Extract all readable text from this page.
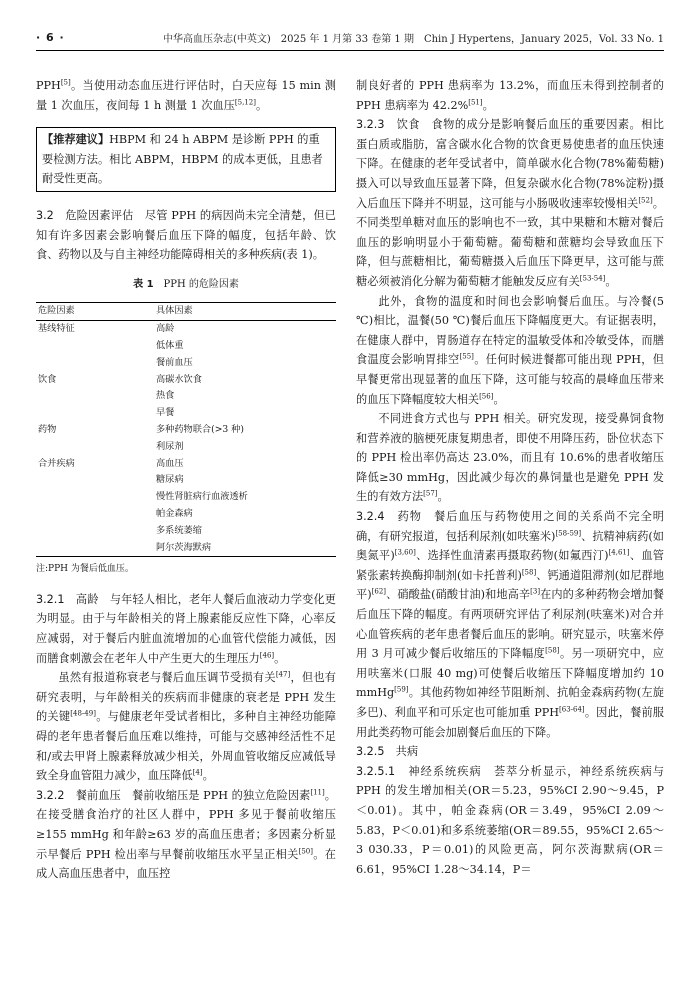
· 6 ·	中华高血压杂志(中英文)　2025 年 1 月第 33 卷第 1 期　Chin J Hypertens，January 2025，Vol. 33 No. 1

PPH[5]。当使用动态血压进行评估时，白天应每 15 min 测量 1 次血压，夜间每 1 h 测量 1 次血压[5,12]。

【推荐建议】HBPM 和 24 h ABPM 是诊断 PPH 的重要检测方法。相比 ABPM，HBPM 的成本更低，且患者耐受性更高。

3.2　危险因素评估　尽管 PPH 的病因尚未完全清楚，但已知有许多因素会影响餐后血压下降的幅度，包括年龄、饮食、药物以及与自主神经功能障碍相关的多种疾病(表 1)。

表 1 PPH 的危险因素
危险因素	具体因素
基线特征	高龄
	低体重
	餐前血压
饮食	高碳水饮食
	热食
	早餐
药物	多种药物联合(>3 种)
	利尿剂
合并疾病	高血压
	糖尿病
	慢性肾脏病行血液透析
	帕金森病
	多系统萎缩
	阿尔茨海默病
注:PPH 为餐后低血压。

3.2.1　高龄　与年轻人相比，老年人餐后血液动力学变化更为明显。由于与年龄相关的肾上腺素能反应性下降，心率反应减弱，对于餐后内脏血流增加的心血管代偿能力减低，因而膳食刺激会在老年人中产生更大的生理压力[46]。

虽然有报道称衰老与餐后血压调节受损有关[47]，但也有研究表明，与年龄相关的疾病而非健康的衰老是 PPH 发生的关键[48-49]。与健康老年受试者相比，多种自主神经功能障碍的老年患者餐后血压难以维持，可能与交感神经活性不足和/或去甲肾上腺素释放减少相关，外周血管收缩反应减低导致全身血管阻力减少，血压降低[4]。

3.2.2　餐前血压　餐前收缩压是 PPH 的独立危险因素[11]。在接受膳食治疗的社区人群中，PPH 多见于餐前收缩压≥155 mmHg 和年龄≥63 岁的高血压患者；多因素分析显示早餐后 PPH 检出率与早餐前收缩压水平呈正相关[50]。在成人高血压患者中，血压控

制良好者的 PPH 患病率为 13.2%，而血压未得到控制者的 PPH 患病率为 42.2%[51]。

3.2.3　饮食　食物的成分是影响餐后血压的重要因素。相比蛋白质或脂肪，富含碳水化合物的饮食更易使患者的血压快速下降。在健康的老年受试者中，简单碳水化合物(78%葡萄糖)摄入可以导致血压显著下降，但复杂碳水化合物(78%淀粉)摄入后血压下降并不明显，这可能与小肠吸收速率较慢相关[52]。不同类型单糖对血压的影响也不一致，其中果糖和木糖对餐后血压的影响明显小于葡萄糖。葡萄糖和蔗糖均会导致血压下降，但与蔗糖相比，葡萄糖摄入后血压下降更早，这可能与蔗糖必须被消化分解为葡萄糖才能触发反应有关[53-54]。

此外，食物的温度和时间也会影响餐后血压。与冷餐(5 ℃)相比，温餐(50 ℃)餐后血压下降幅度更大。有证据表明，在健康人群中，胃肠道存在特定的温敏受体和冷敏受体，而膳食温度会影响胃排空[55]。任何时候进餐都可能出现 PPH，但早餐更常出现显著的血压下降，这可能与较高的晨峰血压带来的血压下降幅度较大相关[56]。

不同进食方式也与 PPH 相关。研究发现，接受鼻饲食物和营养液的脑梗死康复期患者，即使不用降压药，卧位状态下的 PPH 检出率仍高达 23.0%，而且有 10.6%的患者收缩压降低≥30 mmHg，因此减少每次的鼻饲量也是避免 PPH 发生的有效方法[57]。

3.2.4　药物　餐后血压与药物使用之间的关系尚不完全明确，有研究报道，包括利尿剂(如呋塞米)[58-59]、抗精神病药(如奥氮平)[3,60]、选择性血清素再摄取药物(如氟西汀)[4,61]、血管紧张素转换酶抑制剂(如卡托普利)[58]、钙通道阻滞剂(如尼群地平)[62]、硝酸盐(硝酸甘油)和地高辛[3]在内的多种药物会增加餐后血压下降的幅度。有两项研究评估了利尿剂(呋塞米)对合并心血管疾病的老年患者餐后血压的影响。研究显示，呋塞米停用 3 月可减少餐后收缩压的下降幅度[58]。另一项研究中，应用呋塞米(口服 40 mg)可使餐后收缩压下降幅度增加约 10 mmHg[59]。其他药物如神经节阻断剂、抗帕金森病药物(左旋多巴)、利血平和可乐定也可能加重 PPH[63-64]。因此，餐前服用此类药物可能会加剧餐后血压的下降。

3.2.5　共病

3.2.5.1　神经系统疾病　荟萃分析显示，神经系统疾病与 PPH 的发生增加相关(OR＝5.23，95%CI 2.90～9.45，P＜0.01)。其中，帕金森病(OR＝3.49，95%CI 2.09～5.83，P＜0.01)和多系统萎缩(OR＝89.55，95%CI 2.65～3 030.33，P＝0.01)的风险更高，阿尔茨海默病(OR＝6.61，95%CI 1.28～34.14，P＝
